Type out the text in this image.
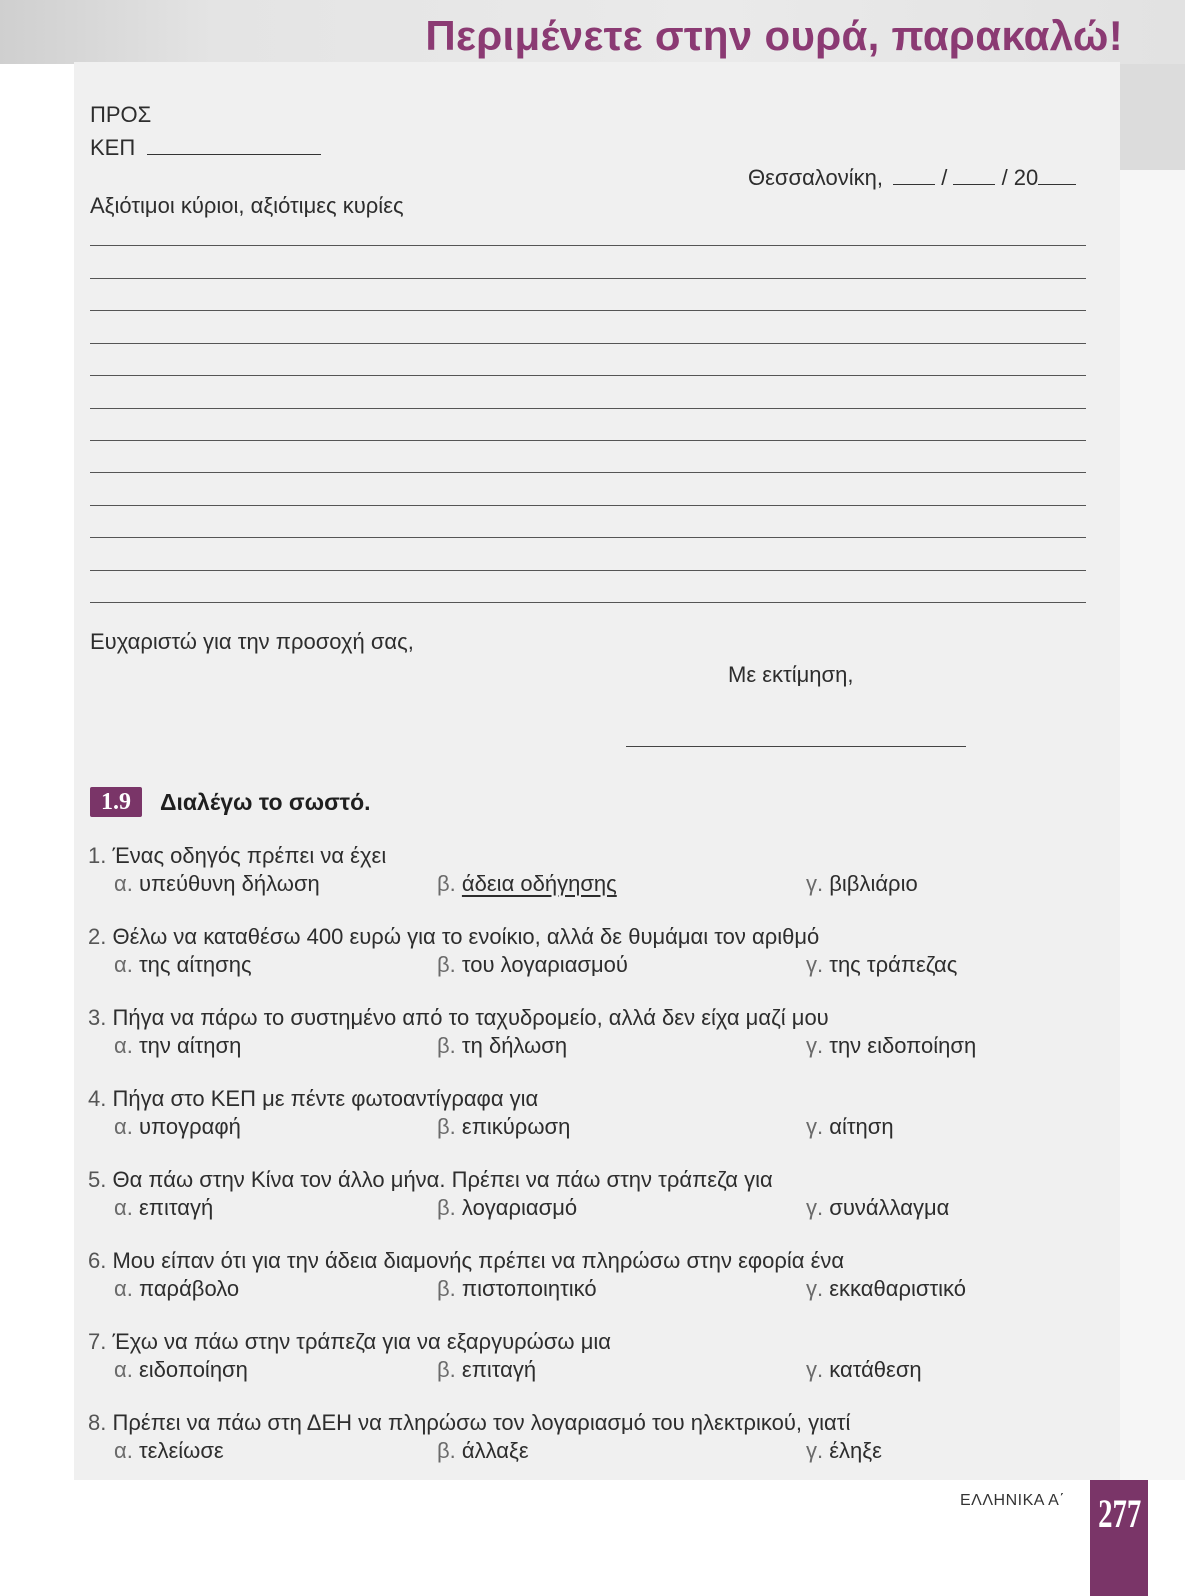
Περιμένετε στην ουρά, παρακαλώ!
ΠΡΟΣ
ΚΕΠ
Θεσσαλονίκη,	/ / 20
Αξιότιμοι κύριοι, αξιότιμες κυρίες
Ευχαριστώ για την προσοχή σας,
Με εκτίμηση,
1.9	Διαλέγω το σωστό.
1. Ένας οδηγός πρέπει να έχει
α. υπεύθυνη δήλωση	β. άδεια οδήγησης	γ. βιβλιάριο
2. Θέλω να καταθέσω 400 ευρώ για το ενοίκιο, αλλά δε θυμάμαι τον αριθμό
α. της αίτησης	β. του λογαριασμού	γ. της τράπεζας
3. Πήγα να πάρω το συστημένο από το ταχυδρομείο, αλλά δεν είχα μαζί μου
α. την αίτηση	β. τη δήλωση	γ. την ειδοποίηση
4. Πήγα στο ΚΕΠ με πέντε φωτοαντίγραφα για
α. υπογραφή	β. επικύρωση	γ. αίτηση
5. Θα πάω στην Κίνα τον άλλο μήνα. Πρέπει να πάω στην τράπεζα για
α. επιταγή	β. λογαριασμό	γ. συνάλλαγμα
6. Μου είπαν ότι για την άδεια διαμονής πρέπει να πληρώσω στην εφορία ένα
α. παράβολο	β. πιστοποιητικό	γ. εκκαθαριστικό
7. Έχω να πάω στην τράπεζα για να εξαργυρώσω μια
α. ειδοποίηση	β. επιταγή	γ. κατάθεση
8. Πρέπει να πάω στη ΔΕΗ να πληρώσω τον λογαριασμό του ηλεκτρικού, γιατί
α. τελείωσε	β. άλλαξε	γ. έληξε
ΕΛΛΗΝΙΚΑ Α΄ 277
